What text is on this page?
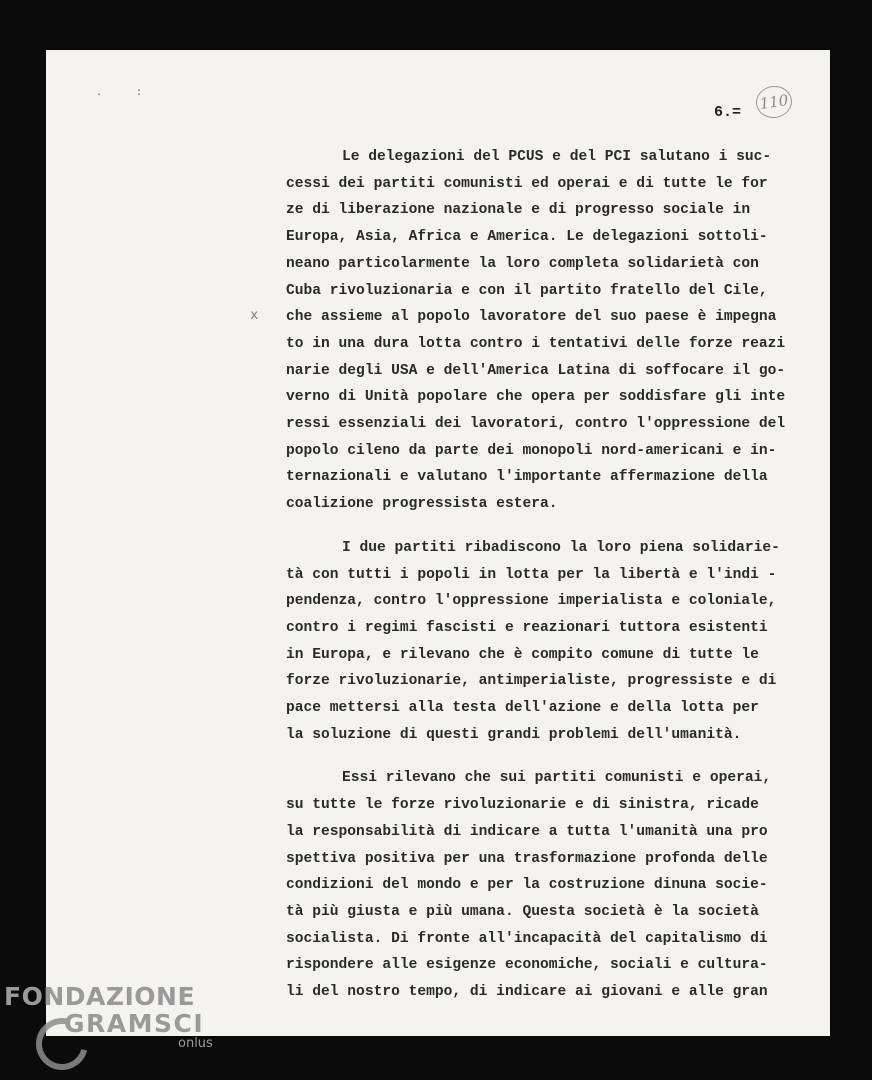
. :
6.=	110
x
Le delegazioni del PCUS e del PCI salutano i suc-
cessi dei partiti comunisti ed operai e di tutte le for
ze di liberazione nazionale e di progresso sociale in
Europa, Asia, Africa e America. Le delegazioni sottoli-
neano particolarmente la loro completa solidarietà con
Cuba rivoluzionaria e con il partito fratello del Cile,
che assieme al popolo lavoratore del suo paese è impegna
to in una dura lotta contro i tentativi delle forze reazi
narie degli USA e dell'America Latina di soffocare il go-
verno di Unità popolare che opera per soddisfare gli inte
ressi essenziali dei lavoratori, contro l'oppressione del
popolo cileno da parte dei monopoli nord-americani e in-
ternazionali e valutano l'importante affermazione della
coalizione progressista estera.
I due partiti ribadiscono la loro piena solidarie-
tà con tutti i popoli in lotta per la libertà e l'indi -
pendenza, contro l'oppressione imperialista e coloniale,
contro i regimi fascisti e reazionari tuttora esistenti
in Europa, e rilevano che è compito comune di tutte le
forze rivoluzionarie, antimperialiste, progressiste e di
pace mettersi alla testa dell'azione e della lotta per
la soluzione di questi grandi problemi dell'umanità.
Essi rilevano che sui partiti comunisti e operai,
su tutte le forze rivoluzionarie e di sinistra, ricade
la responsabilità di indicare a tutta l'umanità una pro
spettiva positiva per una trasformazione profonda delle
condizioni del mondo e per la costruzione dinuna socie-
tà più giusta e più umana. Questa società è la società
socialista. Di fronte all'incapacità del capitalismo di
rispondere alle esigenze economiche, sociali e cultura-
li del nostro tempo, di indicare ai giovani e alle gran
FONDAZIONE
GRAMSCI
onlus
